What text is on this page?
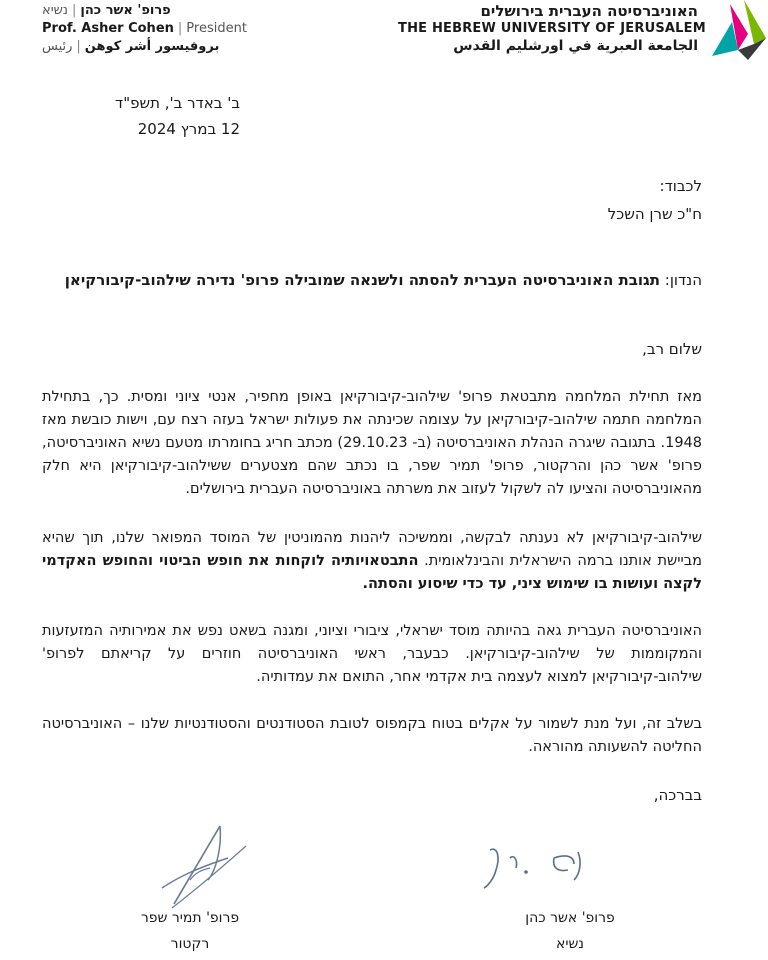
האוניברסיטה העברית בירושלים
THE HEBREW UNIVERSITY OF JERUSALEM
الجامعة العبرية في اورشليم القدس
פרופ' אשר כהן|נשיא
Prof. Asher Cohen | President
بروفيسور أشر كوهن|رئيس
ב' באדר ב', תשפ"ד
12 במרץ 2024
לכבוד:
ח"כ שרן השכל
הנדון: תגובת האוניברסיטה העברית להסתה ולשנאה שמובילה פרופ' נדירה שילהוב-קיבורקיאן
שלום רב,
מאז תחילת המלחמה מתבטאת פרופ' שילהוב-קיבורקיאן באופן מחפיר, אנטי ציוני ומסית. כך, בתחילת המלחמה חתמה שילהוב-קיבורקיאן על עצומה שכינתה את פעולות ישראל בעזה רצח עם, וישות כובשת מאז 1948. בתגובה שיגרה הנהלת האוניברסיטה (ב- 29.10.23) מכתב חריג בחומרתו מטעם נשיא האוניברסיטה, פרופ' אשר כהן והרקטור, פרופ' תמיר שפר, בו נכתב שהם מצטערים ששילהוב-קיבורקיאן היא חלק מהאוניברסיטה והציעו לה לשקול לעזוב את משרתה באוניברסיטה העברית בירושלים.
שילהוב-קיבורקיאן לא נענתה לבקשה, וממשיכה ליהנות מהמוניטין של המוסד המפואר שלנו, תוך שהיא מביישת אותנו ברמה הישראלית והבינלאומית. התבטאויותיה לוקחות את חופש הביטוי והחופש האקדמי לקצה ועושות בו שימוש ציני, עד כדי שיסוע והסתה.
האוניברסיטה העברית גאה בהיותה מוסד ישראלי, ציבורי וציוני, ומגנה בשאט נפש את אמירותיה המזעזעות והמקוממות של שילהוב-קיבורקיאן. כבעבר, ראשי האוניברסיטה חוזרים על קריאתם לפרופ' שילהוב-קיבורקיאן למצוא לעצמה בית אקדמי אחר, התואם את עמדותיה.
בשלב זה, ועל מנת לשמור על אקלים בטוח בקמפוס לטובת הסטודנטים והסטודנטיות שלנו – האוניברסיטה החליטה להשעותה מהוראה.
בברכה,
פרופ' אשר כהן
נשיא
פרופ' תמיר שפר
רקטור
